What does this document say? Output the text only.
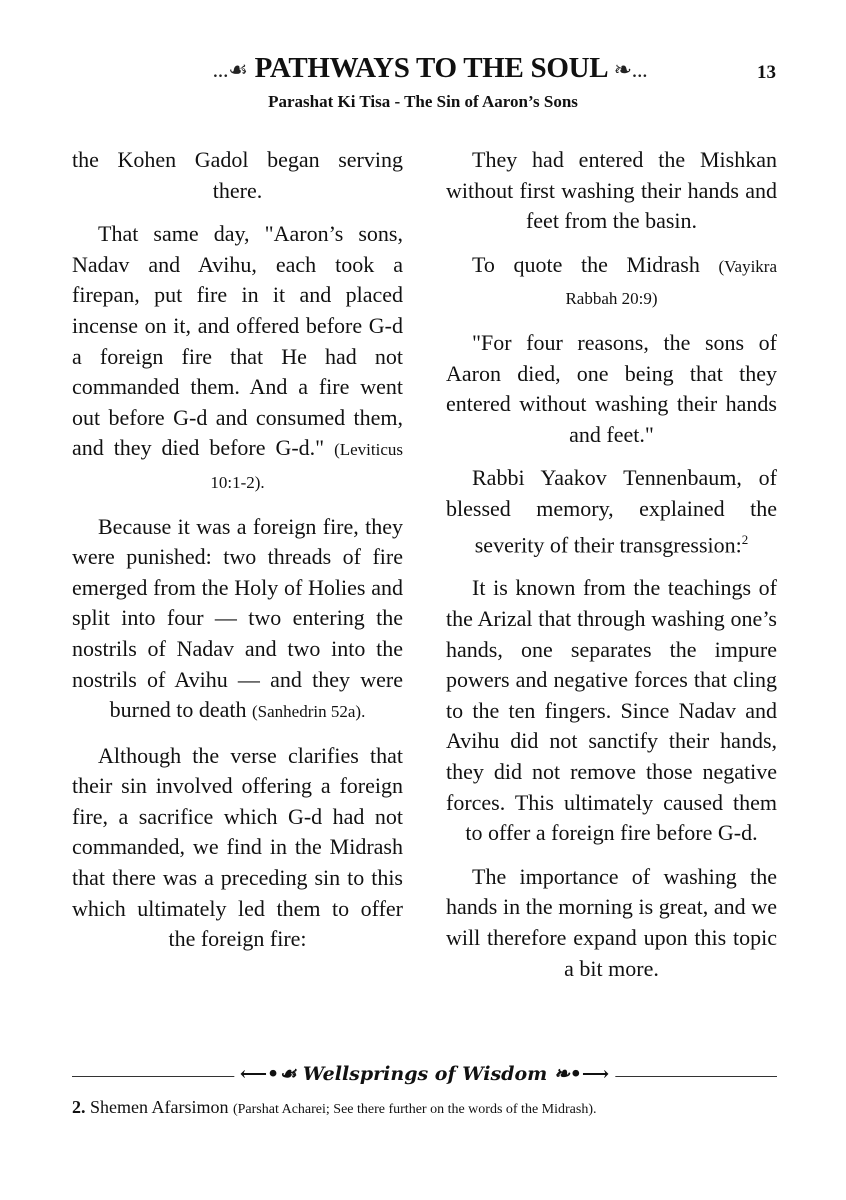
...☙ PATHWAYS TO THE SOUL ❧...	13
Parashat Ki Tisa - The Sin of Aaron’s Sons

the Kohen Gadol began serving there.

That same day, "Aaron’s sons, Nadav and Avihu, each took a firepan, put fire in it and placed incense on it, and offered before G-d a foreign fire that He had not commanded them. And a fire went out before G-d and consumed them, and they died before G-d." (Leviticus 10:1-2).

Because it was a foreign fire, they were punished: two threads of fire emerged from the Holy of Holies and split into four — two entering the nostrils of Nadav and two into the nostrils of Avihu — and they were burned to death (Sanhedrin 52a).

Although the verse clarifies that their sin involved offering a foreign fire, a sacrifice which G-d had not commanded, we find in the Midrash that there was a preceding sin to this which ultimately led them to offer the foreign fire:

They had entered the Mishkan without first washing their hands and feet from the basin.

To quote the Midrash (Vayikra Rabbah 20:9)

"For four reasons, the sons of Aaron died, one being that they entered without washing their hands and feet."

Rabbi Yaakov Tennenbaum, of blessed memory, explained the severity of their transgression:$^2$

It is known from the teachings of the Arizal that through washing one’s hands, one separates the impure powers and negative forces that cling to the ten fingers. Since Nadav and Avihu did not sanctify their hands, they did not remove those negative forces. This ultimately caused them to offer a foreign fire before G-d.

The importance of washing the hands in the morning is great, and we will therefore expand upon this topic a bit more.

⟵•☙ Wellsprings of Wisdom ❧•⟶
2. Shemen Afarsimon (Parshat Acharei; See there further on the words of the Midrash).
